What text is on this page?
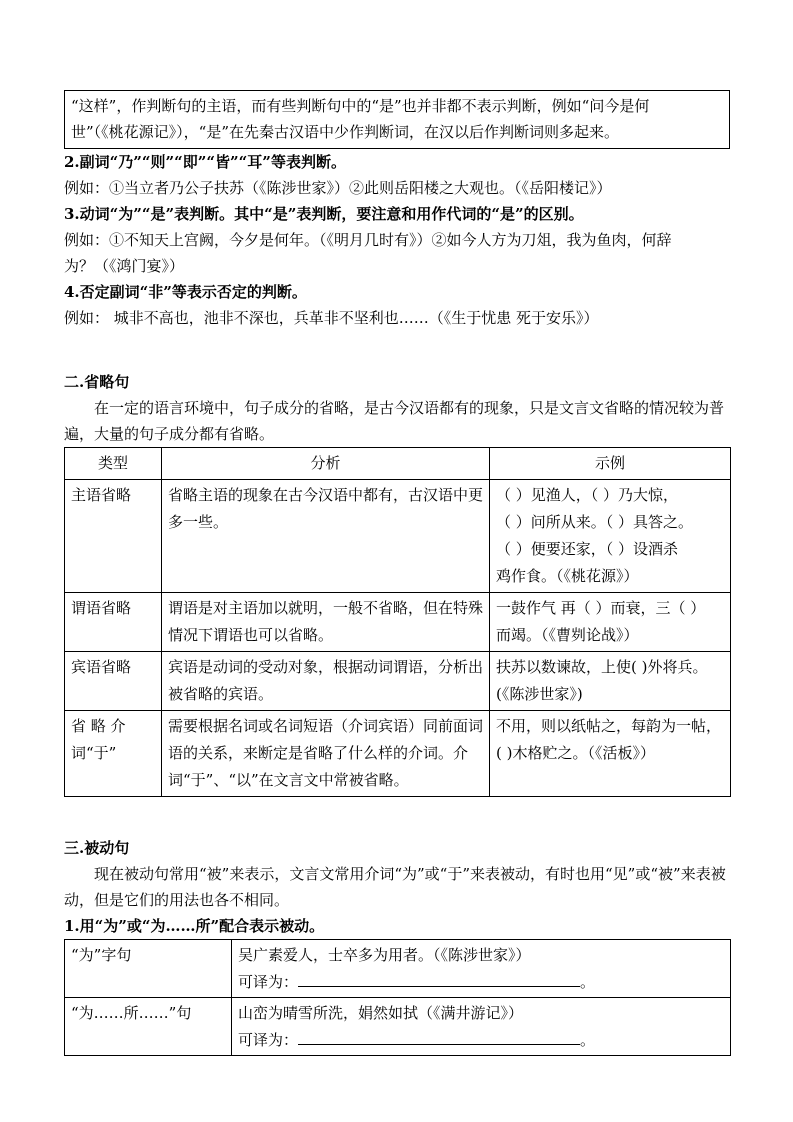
“这样”，作判断句的主语，而有些判断句中的“是”也并非都不表示判断，例如“问今是何
世”（《桃花源记》），“是”在先秦古汉语中少作判断词，在汉以后作判断词则多起来。
2.副词“乃”“则”“即”“皆”“耳”等表判断。
例如：①当立者乃公子扶苏（《陈涉世家》）②此则岳阳楼之大观也。（《岳阳楼记》）
3.动词“为”“是”表判断。其中“是”表判断，要注意和用作代词的“是”的区别。
例如：①不知天上宫阙，今夕是何年。（《明月几时有》）②如今人方为刀俎，我为鱼肉，何辞
为？（《鸿门宴》）
4.否定副词“非”等表示否定的判断。
例如： 城非不高也，池非不深也，兵革非不坚利也……（《生于忧患 死于安乐》）
二.省略句
在一定的语言环境中，句子成分的省略，是古今汉语都有的现象，只是文言文省略的情况较为普遍，大量的句子成分都有省略。
类型	分析	示例
主语省略	省略主语的现象在古今汉语中都有，古汉语中更多一些。	（ ）见渔人，（ ）乃大惊，
（ ）问所从来。（ ）具答之。
（ ）便要还家，（ ）设酒杀
鸡作食。（《桃花源》）

谓语省略	谓语是对主语加以就明，一般不省略，但在特殊情况下谓语也可以省略。	一鼓作气 再（ ）而衰，三（ ）
而竭。（《曹刿论战》）

宾语省略	宾语是动词的受动对象，根据动词谓语，分析出被省略的宾语。	扶苏以数谏故，上使( )外将兵。
(《陈涉世家》)

省 略 介 词“于”	需要根据名词或名词短语（介词宾语）同前面词语的关系，来断定是省略了什么样的介词。介词“于”、“以”在文言文中常被省略。	不用，则以纸帖之，每韵为一帖，
( )木格贮之。（《活板》）
三.被动句
现在被动句常用“被”来表示，文言文常用介词“为”或“于”来表被动，有时也用“见”或“被”来表被动，但是它们的用法也各不相同。
1.用“为”或“为……所”配合表示被动。
“为”字句	吴广素爱人，士卒多为用者。（《陈涉世家》）
可译为： 。

“为……所……”句	山峦为晴雪所洗，娟然如拭（《满井游记》）
可译为： 。
